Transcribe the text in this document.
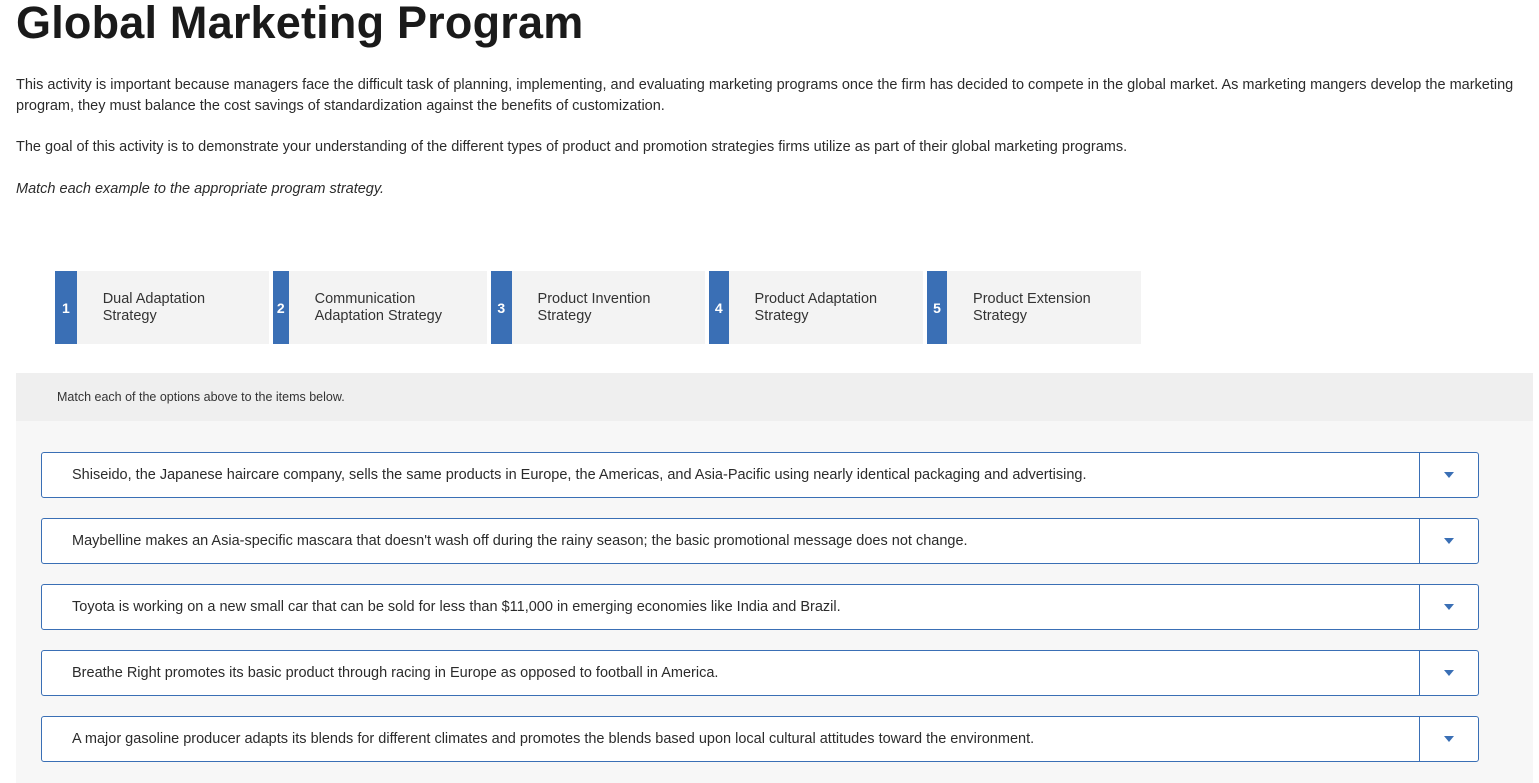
Global Marketing Program

This activity is important because managers face the difficult task of planning, implementing, and evaluating marketing programs once the firm has decided to compete in the global market. As marketing mangers develop the marketing program, they must balance the cost savings of standardization against the benefits of customization.

The goal of this activity is to demonstrate your understanding of the different types of product and promotion strategies firms utilize as part of their global marketing programs.

Match each example to the appropriate program strategy.

1
Dual Adaptation Strategy	2
Communication Adaptation Strategy	3
Product Invention Strategy	4
Product Adaptation Strategy	5
Product Extension Strategy
Match each of the options above to the items below.
Shiseido, the Japanese haircare company, sells the same products in Europe, the Americas, and Asia-Pacific using nearly identical packaging and advertising.
Maybelline makes an Asia-specific mascara that doesn't wash off during the rainy season; the basic promotional message does not change.
Toyota is working on a new small car that can be sold for less than $11,000 in emerging economies like India and Brazil.
Breathe Right promotes its basic product through racing in Europe as opposed to football in America.
A major gasoline producer adapts its blends for different climates and promotes the blends based upon local cultural attitudes toward the environment.
